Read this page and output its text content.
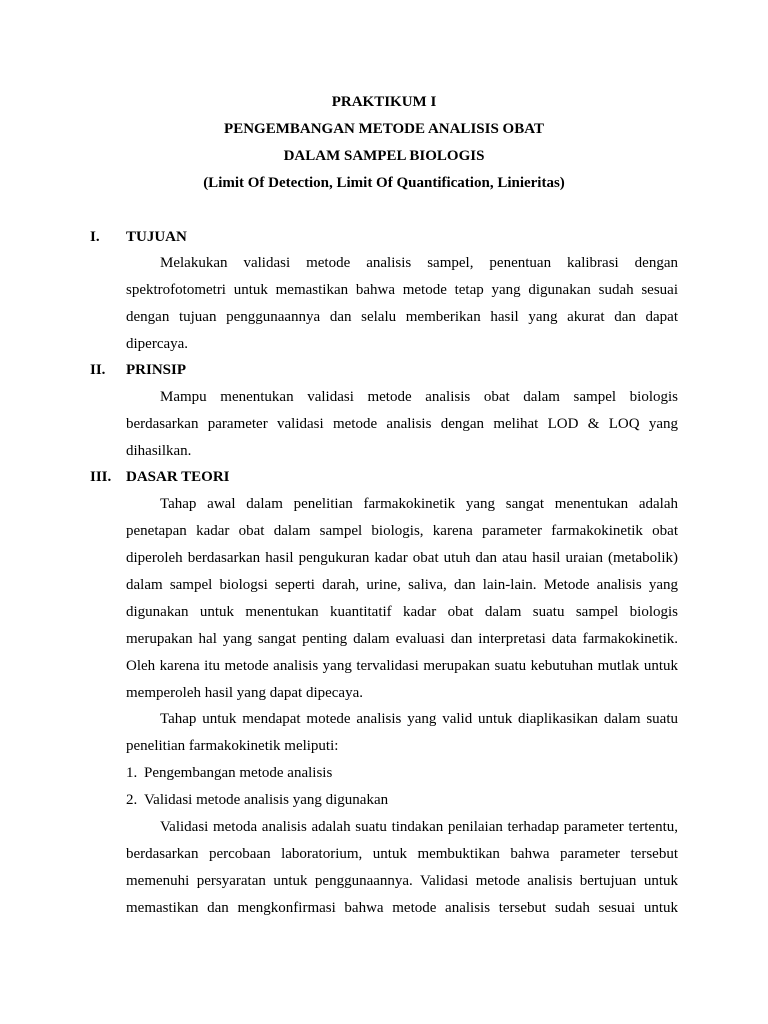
PRAKTIKUM I
PENGEMBANGAN METODE ANALISIS OBAT
DALAM SAMPEL BIOLOGIS
(Limit Of Detection, Limit Of Quantification, Linieritas)
I. TUJUAN
Melakukan validasi metode analisis sampel, penentuan kalibrasi dengan
spektrofotometri untuk memastikan bahwa metode tetap yang digunakan sudah sesuai
dengan tujuan penggunaannya dan selalu memberikan hasil yang akurat dan dapat
dipercaya.
II. PRINSIP
Mampu menentukan validasi metode analisis obat dalam sampel biologis
berdasarkan parameter validasi metode analisis dengan melihat LOD & LOQ yang
dihasilkan.
III. DASAR TEORI
Tahap awal dalam penelitian farmakokinetik yang sangat menentukan adalah
penetapan kadar obat dalam sampel biologis, karena parameter farmakokinetik obat
diperoleh berdasarkan hasil pengukuran kadar obat utuh dan atau hasil uraian (metabolik)
dalam sampel biologsi seperti darah, urine, saliva, dan lain-lain. Metode analisis yang
digunakan untuk menentukan kuantitatif kadar obat dalam suatu sampel biologis
merupakan hal yang sangat penting dalam evaluasi dan interpretasi data farmakokinetik.
Oleh karena itu metode analisis yang tervalidasi merupakan suatu kebutuhan mutlak untuk
memperoleh hasil yang dapat dipecaya.
Tahap untuk mendapat motede analisis yang valid untuk diaplikasikan dalam suatu
penelitian farmakokinetik meliputi:
1. Pengembangan metode analisis
2. Validasi metode analisis yang digunakan
Validasi metoda analisis adalah suatu tindakan penilaian terhadap parameter tertentu,
berdasarkan percobaan laboratorium, untuk membuktikan bahwa parameter tersebut
memenuhi persyaratan untuk penggunaannya. Validasi metode analisis bertujuan untuk
memastikan dan mengkonfirmasi bahwa metode analisis tersebut sudah sesuai untuk
